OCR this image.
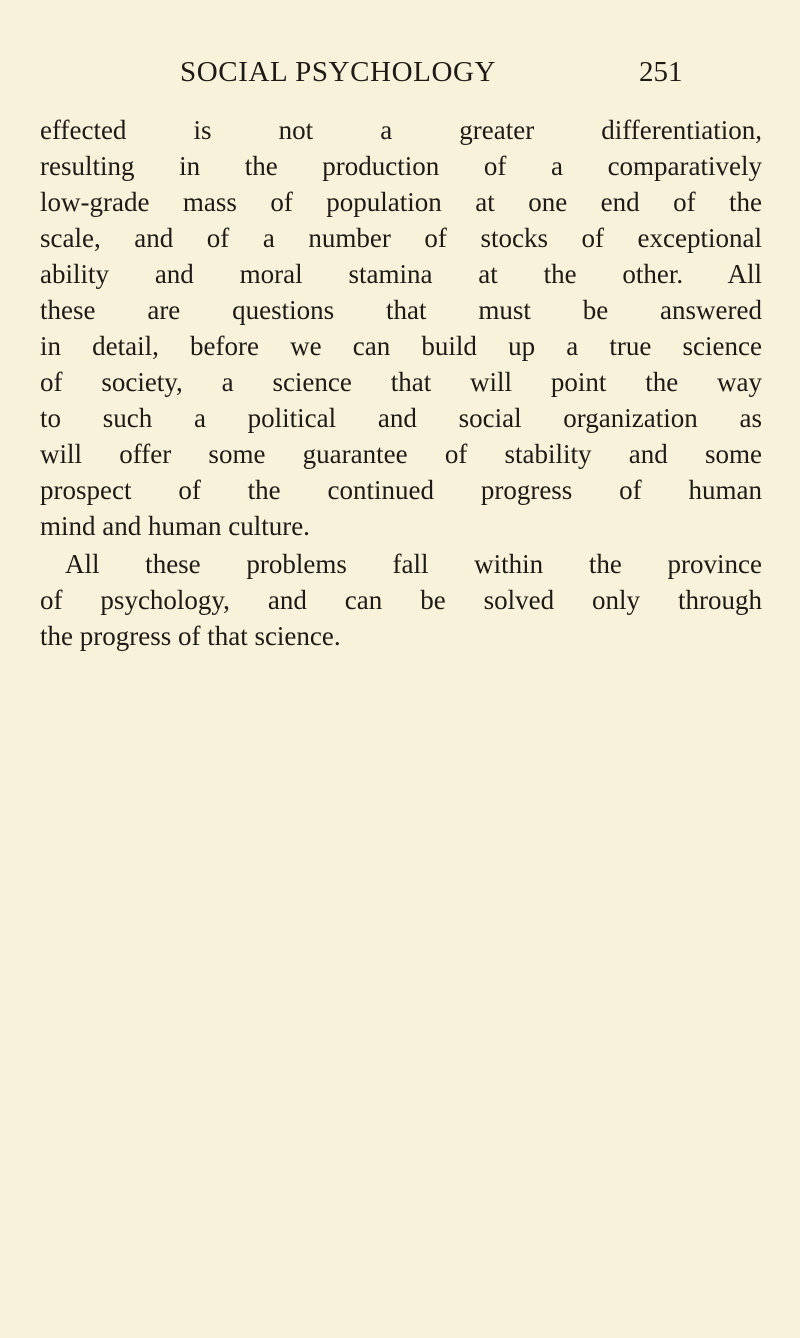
SOCIAL PSYCHOLOGY	251
effected is not a greater differentiation,
resulting in the production of a comparatively
low-grade mass of population at one end of the
scale, and of a number of stocks of exceptional
ability and moral stamina at the other. All
these are questions that must be answered
in detail, before we can build up a true science
of society, a science that will point the way
to such a political and social organization as
will offer some guarantee of stability and some
prospect of the continued progress of human
mind and human culture.
All these problems fall within the province
of psychology, and can be solved only through
the progress of that science.
